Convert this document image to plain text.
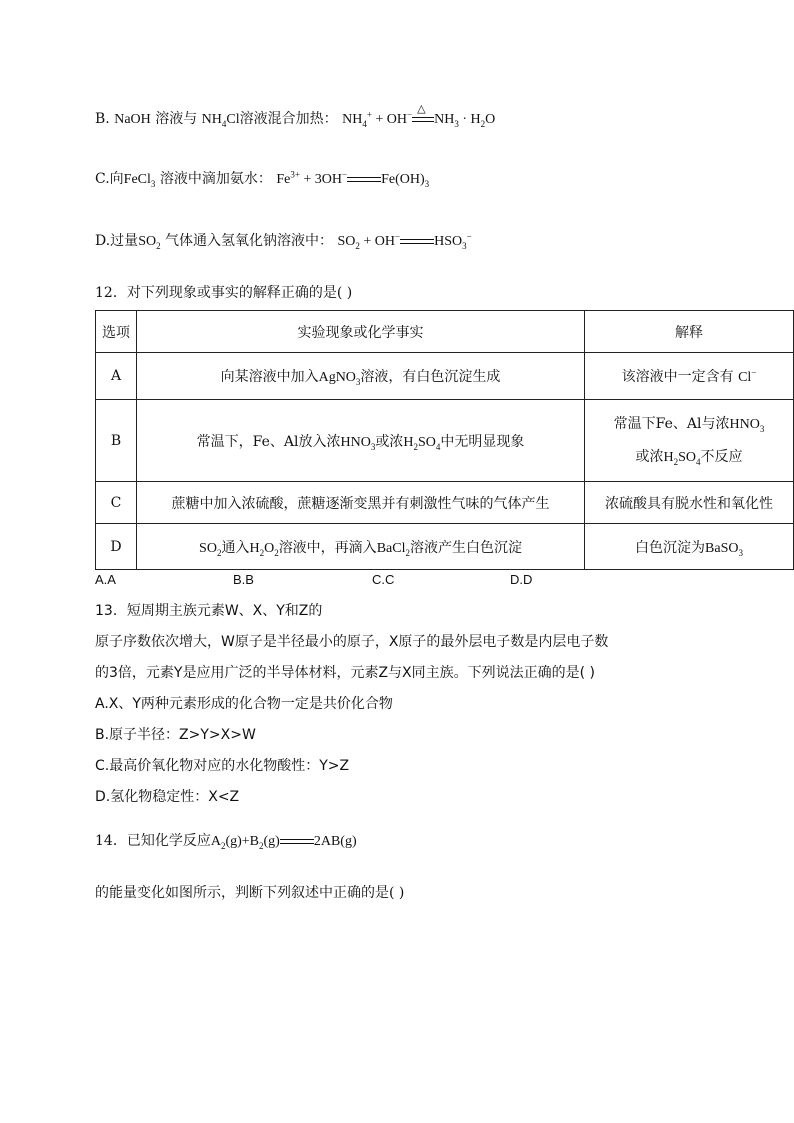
B. NaOH 溶液与 $NH_4Cl$溶液混合加热： $NH_4^+ + OH^-$ △
$NH_3 \cdot H_2O$
C.向FeCl$_3$ 溶液中滴加氨水： $Fe^{3+} + 3OH^-$ $Fe(OH)_3$
D.过量$SO_2$ 气体通入氢氧化钠溶液中： $SO_2 + OH^-$ $HSO_3^-$
12．对下列现象或事实的解释正确的是( )
选项	实验现象或化学事实	解释
A	向某溶液中加入AgNO$_3$溶液，有白色沉淀生成	该溶液中一定含有 Cl−
B	常温下，Fe、Al放入浓$HNO_3$或浓$H_2SO_4$中无明显现象	常温下Fe、Al与浓$HNO_3$
或浓$H_2SO_4$不反应
C	蔗糖中加入浓硫酸，蔗糖逐渐变黑并有刺激性气味的气体产生	浓硫酸具有脱水性和氧化性
D	$SO_2$通入$H_2O_2$溶液中，再滴入BaCl$_2$溶液产生白色沉淀	白色沉淀为BaSO$_3$
A.A	B.B	C.C	D.D
13．短周期主族元素W、X、Y和Z的
原子序数依次增大，W原子是半径最小的原子，X原子的最外层电子数是内层电子数
的3倍，元素Y是应用广泛的半导体材料，元素Z与X同主族。下列说法正确的是( )
A.X、Y两种元素形成的化合物一定是共价化合物
B.原子半径：Z>Y>X>W
C.最高价氧化物对应的水化物酸性：Y>Z
D.氢化物稳定性：X<Z
14．已知化学反应$A_2(g)+B_2(g)$ 2AB(g)
的能量变化如图所示，判断下列叙述中正确的是( )
